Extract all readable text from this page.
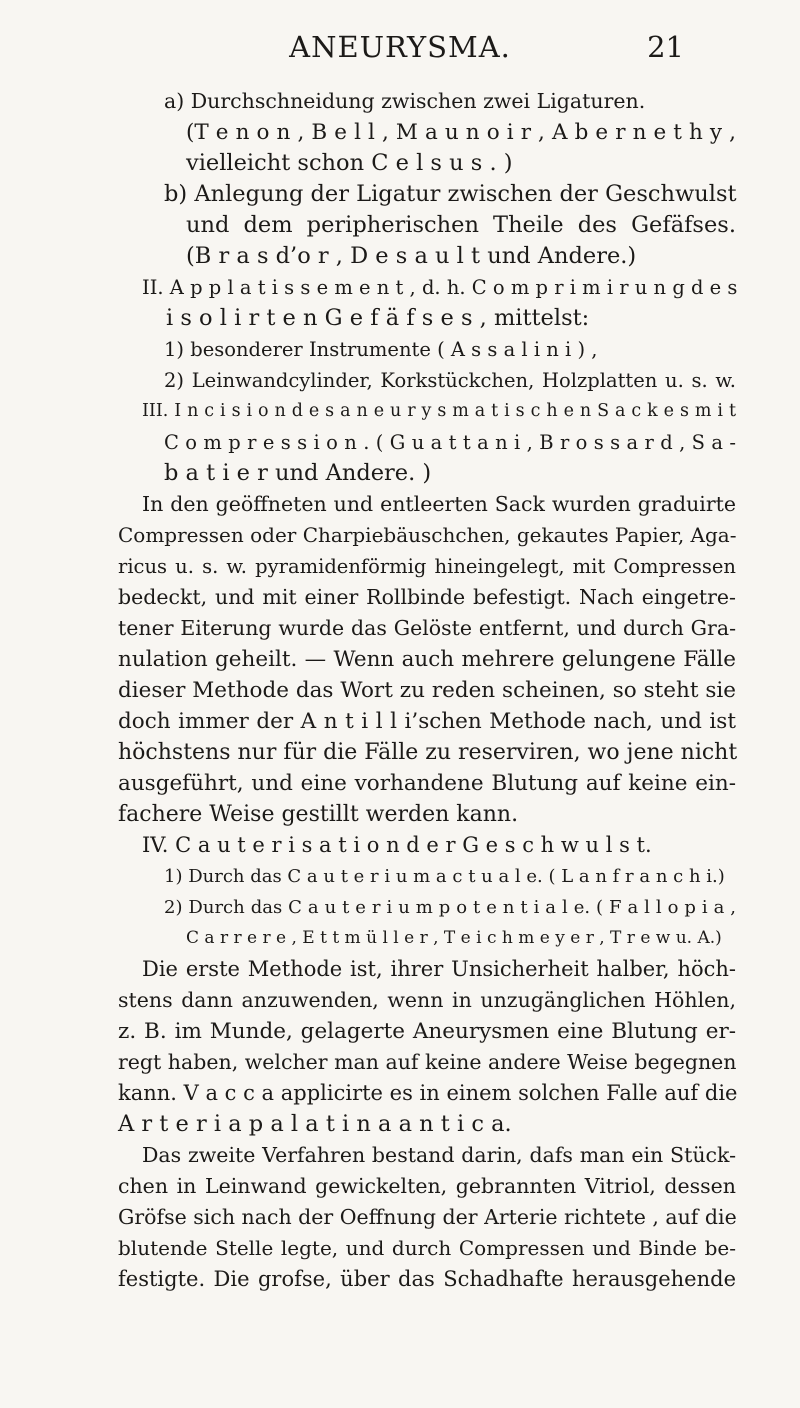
ANEURYSMA.	21
a) Durchschneidung zwischen zwei Ligaturen.
(T e n o n , B e l l , M a u n o i r , A b e r n e t h y ,
vielleicht schon C e l s u s . )
b) Anlegung der Ligatur zwischen der Geschwulst
und dem peripherischen Theile des Gefäfses.
(B r a s d’o r , D e s a u l t und Andere.)
II. A p p l a t i s s e m e n t , d. h. C o m p r i m i r u n g d e s
i s o l i r t e n G e f ä f s e s , mittelst:
1) besonderer Instrumente ( A s s a l i n i ) ,
2) Leinwandcylinder, Korkstückchen, Holzplatten u. s. w.
III. I n c i s i o n d e s a n e u r y s m a t i s c h e n S a c k e s m i t
C o m p r e s s i o n . ( G u a t t a n i , B r o s s a r d , S a -
b a t i e r und Andere. )
In den geöffneten und entleerten Sack wurden graduirte
Compressen oder Charpiebäuschchen, gekautes Papier, Aga-
ricus u. s. w. pyramidenförmig hineingelegt, mit Compressen
bedeckt, und mit einer Rollbinde befestigt. Nach eingetre-
tener Eiterung wurde das Gelöste entfernt, und durch Gra-
nulation geheilt. — Wenn auch mehrere gelungene Fälle
dieser Methode das Wort zu reden scheinen, so steht sie
doch immer der A n t i l l i’schen Methode nach, und ist
höchstens nur für die Fälle zu reserviren, wo jene nicht
ausgeführt, und eine vorhandene Blutung auf keine ein-
fachere Weise gestillt werden kann.
IV. C a u t e r i s a t i o n d e r G e s c h w u l s t.
1) Durch das C a u t e r i u m a c t u a l e. ( L a n f r a n c h i.)
2) Durch das C a u t e r i u m p o t e n t i a l e. ( F a l l o p i a ,
C a r r e r e , E t t m ü l l e r , T e i c h m e y e r , T r e w u. A.)
Die erste Methode ist, ihrer Unsicherheit halber, höch-
stens dann anzuwenden, wenn in unzugänglichen Höhlen,
z. B. im Munde, gelagerte Aneurysmen eine Blutung er-
regt haben, welcher man auf keine andere Weise begegnen
kann. V a c c a applicirte es in einem solchen Falle auf die
A r t e r i a p a l a t i n a a n t i c a.
Das zweite Verfahren bestand darin, dafs man ein Stück-
chen in Leinwand gewickelten, gebrannten Vitriol, dessen
Gröfse sich nach der Oeffnung der Arterie richtete , auf die
blutende Stelle legte, und durch Compressen und Binde be-
festigte. Die grofse, über das Schadhafte herausgehende
